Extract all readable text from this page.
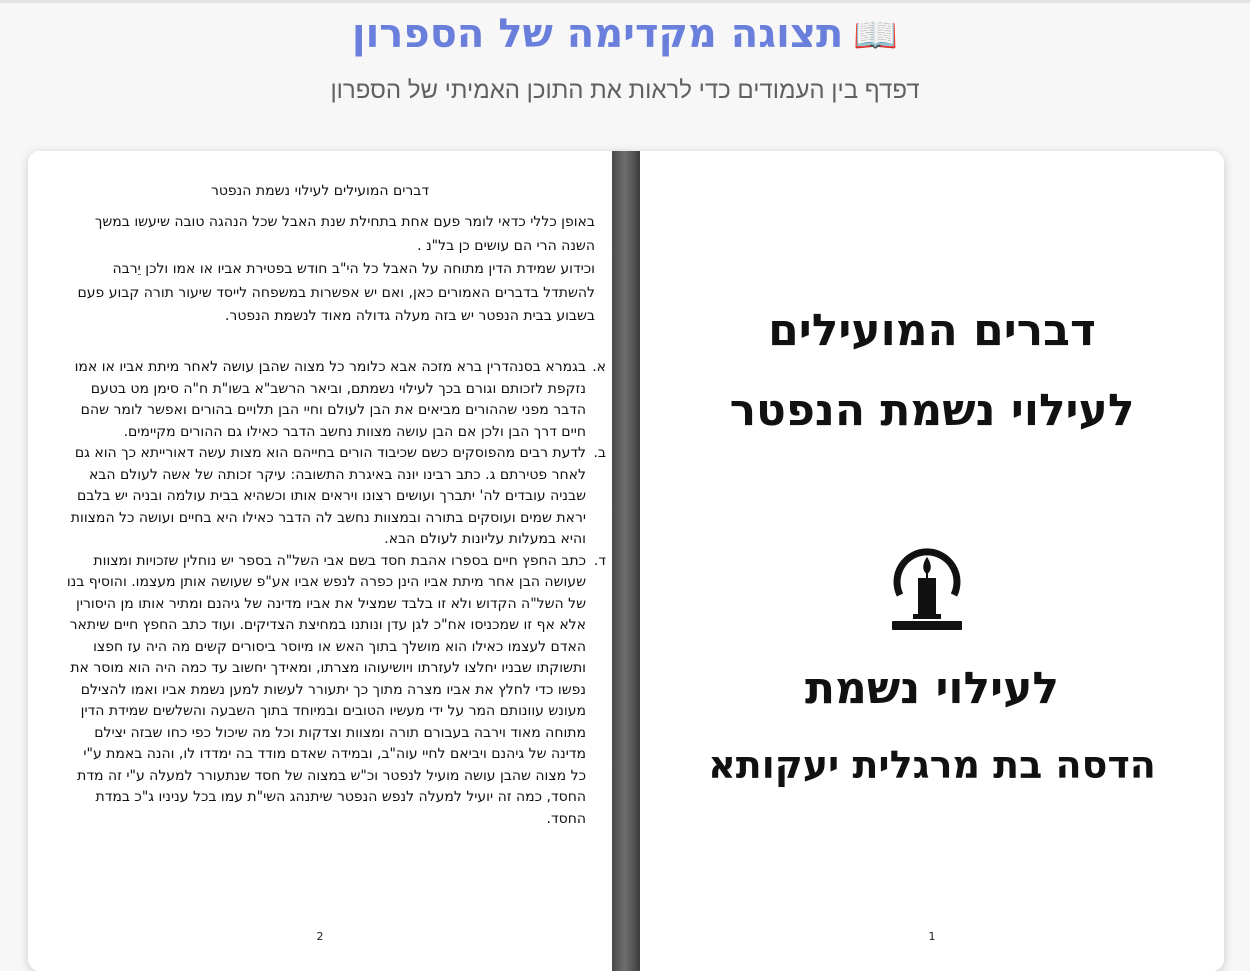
📖תצוגה מקדימה של הספרון
דפדף בין העמודים כדי לראות את התוכן האמיתי של הספרון
דברים המועילים לעילוי נשמת הנפטר

באופן כללי כדאי לומר פעם אחת בתחילת שנת האבל שכל הנהגה טובה שיעשו במשך השנה הרי הם עושים כן בל"נ .

וכידוע שמידת הדין מתוחה על האבל כל הי"ב חודש בפטירת אביו או אמו ולכן יֵרבה להשתדל בדברים האמורים כאן, ואם יש אפשרות במשפחה לייסד שיעור תורה קבוע פעם בשבוע בבית הנפטר יש בזה מעלה גדולה מאוד לנשמת הנפטר.

א.
בגמרא בסנהדרין ברא מזכה אבא כלומר כל מצוה שהבן עושה לאחר מיתת אביו או אמו נזקפת לזכותם וגורם בכך לעילוי נשמתם, וביאר הרשב"א בשו"ת ח"ה סימן מט בטעם הדבר מפני שההורים מביאים את הבן לעולם וחיי הבן תלויים בהורים ואפשר לומר שהם חיים דרך הבן ולכן אם הבן עושה מצוות נחשב הדבר כאילו גם ההורים מקיימים.
ב.
לדעת רבים מהפוסקים כשם שכיבוד הורים בחייהם הוא מצות עשה דאורייתא כך הוא גם לאחר פטירתם ג. כתב רבינו יונה באיגרת התשובה: עיקר זכותה של אשה לעולם הבא שבניה עובדים לה' יתברך ועושים רצונו ויראים אותו וכשהיא בבית עולמה ובניה יש בלבם יראת שמים ועוסקים בתורה ובמצוות נחשב לה הדבר כאילו היא בחיים ועושה כל המצוות והיא במעלות עליונות לעולם הבא.
ד.
כתב החפץ חיים בספרו אהבת חסד בשם אבי השל"ה בספר יש נוחלין שזכויות ומצוות שעושה הבן אחר מיתת אביו הינן כפרה לנפש אביו אע"פ שעושה אותן מעצמו. והוסיף בנו של השל"ה הקדוש ולא זו בלבד שמציל את אביו מדינה של גיהנם ומתיר אותו מן היסורין אלא אף זו שמכניסו אח"כ לגן עדן ונותנו במחיצת הצדיקים. ועוד כתב החפץ חיים שיתאר האדם לעצמו כאילו הוא מושלך בתוך האש או מיוסר ביסורים קשים מה היה עז חפצו ותשוקתו שבניו יחלצו לעזרתו ויושיעוהו מצרתו, ומאידך יחשוב עד כמה היה הוא מוסר את נפשו כדי לחלץ את אביו מצרה מתוך כך יתעורר לעשות למען נשמת אביו ואמו להצילם מעונש עוונותם המר על ידי מעשיו הטובים ובמיוחד בתוך השבעה והשלשים שמידת הדין מתוחה מאוד וירבה בעבורם תורה ומצוות וצדקות וכל מה שיכול כפי כחו שבזה יצילם מדינה של גיהנם ויביאם לחיי עוה"ב, ובמידה שאדם מודד בה ימדדו לו, והנה באמת ע"י כל מצוה שהבן עושה מועיל לנפטר וכ"ש במצוה של חסד שנתעורר למעלה ע"י זה מדת החסד, כמה זה יועיל למעלה לנפש הנפטר שיתנהג השי"ת עמו בכל עניניו ג"כ במדת החסד.
2
דברים המועילים
לעילוי נשמת הנפטר
לעילוי נשמת
הדסה בת מרגלית יעקותא
1
